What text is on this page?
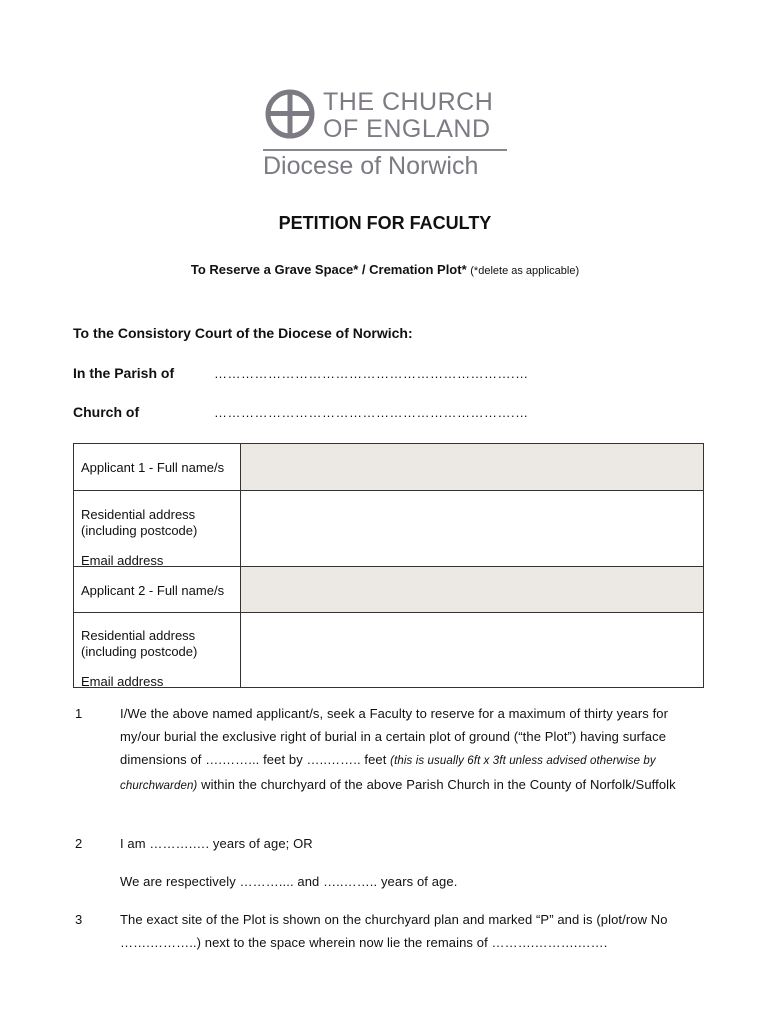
THE CHURCH
OF ENGLAND
Diocese of Norwich
PETITION FOR FACULTY
To Reserve a Grave Space* / Cremation Plot* (*delete as applicable)
To the Consistory Court of the Diocese of Norwich:
In the Parish of	………………………………………………………….…
Church of	………………………………………………………….…
Applicant 1 - Full name/s
Residential address (including postcode)
Email address
Applicant 2 - Full name/s
Residential address (including postcode)
Email address
1	I/We the above named applicant/s, seek a Faculty to reserve for a maximum of thirty years for my/our burial the exclusive right of burial in a certain plot of ground (“the Plot”) having surface dimensions of ….……... feet by …..…….. feet (this is usually 6ft x 3ft unless advised otherwise by churchwarden) within the churchyard of the above Parish Church in the County of Norfolk/Suffolk
2	I am ……….…. years of age; OR
We are respectively ……….... and …..…….. years of age.
3	The exact site of the Plot is shown on the churchyard plan and marked “P” and is (plot/row No …….………..) next to the space wherein now lie the remains of ……….……….…….
